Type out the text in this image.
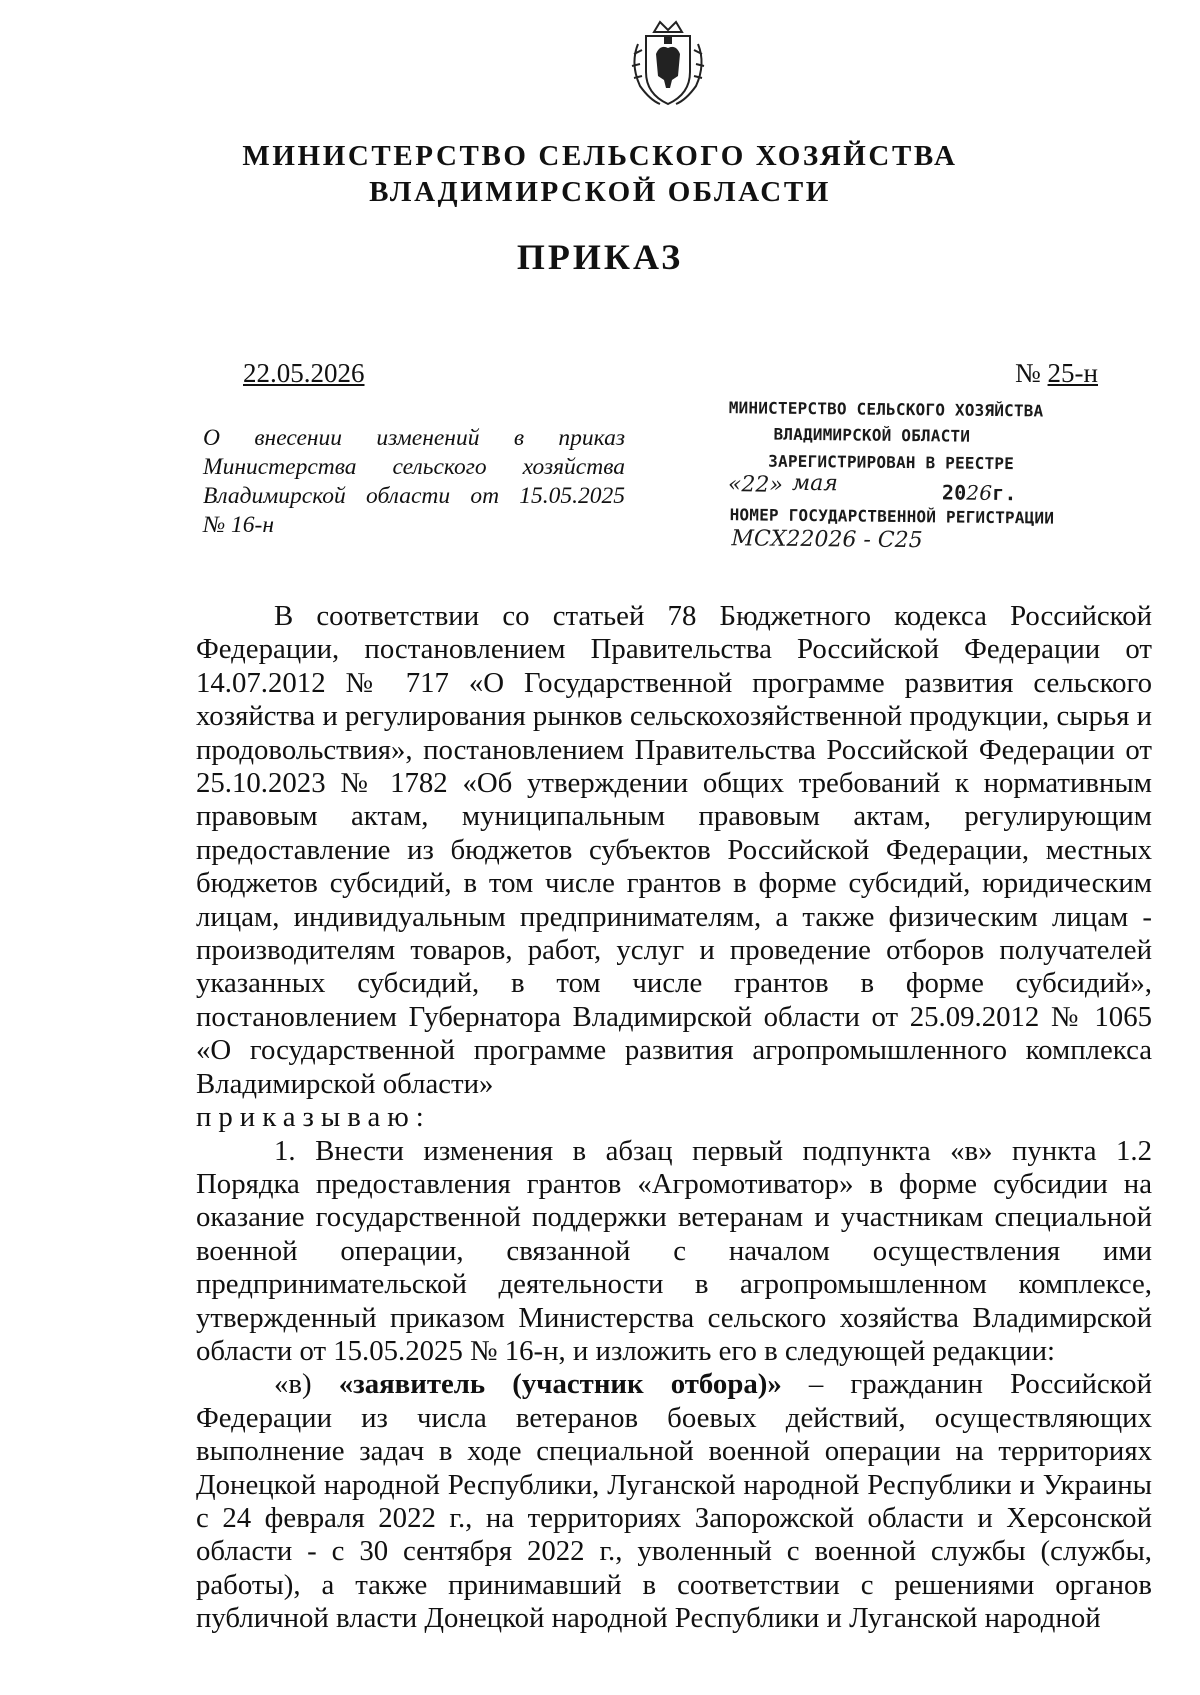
МИНИСТЕРСТВО СЕЛЬСКОГО ХОЗЯЙСТВА
ВЛАДИМИРСКОЙ ОБЛАСТИ
ПРИКАЗ
22.05.2026	№ 25-н
О внесении изменений в приказ Министерства сельского хозяйства Владимирской области от 15.05.2025
№ 16-н
МИНИСТЕРСТВО СЕЛЬСКОГО ХОЗЯЙСТВА
ВЛАДИМИРСКОЙ ОБЛАСТИ
ЗАРЕГИСТРИРОВАН В РЕЕСТРЕ
«22» мая	2026г.
НОМЕР ГОСУДАРСТВЕННОЙ РЕГИСТРАЦИИ
МСХ22026 - С25

В соответствии со статьей 78 Бюджетного кодекса Российской Федерации, постановлением Правительства Российской Федерации от 14.07.2012 № 717 «О Государственной программе развития сельского хозяйства и регулирования рынков сельскохозяйственной продукции, сырья и продовольствия», постановлением Правительства Российской Федерации от 25.10.2023 № 1782 «Об утверждении общих требований к нормативным правовым актам, муниципальным правовым актам, регулирующим предоставление из бюджетов субъектов Российской Федерации, местных бюджетов субсидий, в том числе грантов в форме субсидий, юридическим лицам, индивидуальным предпринимателям, а также физическим лицам - производителям товаров, работ, услуг и проведение отборов получателей указанных субсидий, в том числе грантов в форме субсидий», постановлением Губернатора Владимирской области от 25.09.2012 № 1065 «О государственной программе развития агропромышленного комплекса Владимирской области»

приказываю:

1. Внести изменения в абзац первый подпункта «в» пункта 1.2 Порядка предоставления грантов «Агромотиватор» в форме субсидии на оказание государственной поддержки ветеранам и участникам специальной военной операции, связанной с началом осуществления ими предпринимательской деятельности в агропромышленном комплексе, утвержденный приказом Министерства сельского хозяйства Владимирской области от 15.05.2025 № 16-н, и изложить его в следующей редакции:

«в) «заявитель (участник отбора)» – гражданин Российской Федерации из числа ветеранов боевых действий, осуществляющих выполнение задач в ходе специальной военной операции на территориях Донецкой народной Республики, Луганской народной Республики и Украины с 24 февраля 2022 г., на территориях Запорожской области и Херсонской области - с 30 сентября 2022 г., уволенный с военной службы (службы, работы), а также принимавший в соответствии с решениями органов публичной власти Донецкой народной Республики и Луганской народной
